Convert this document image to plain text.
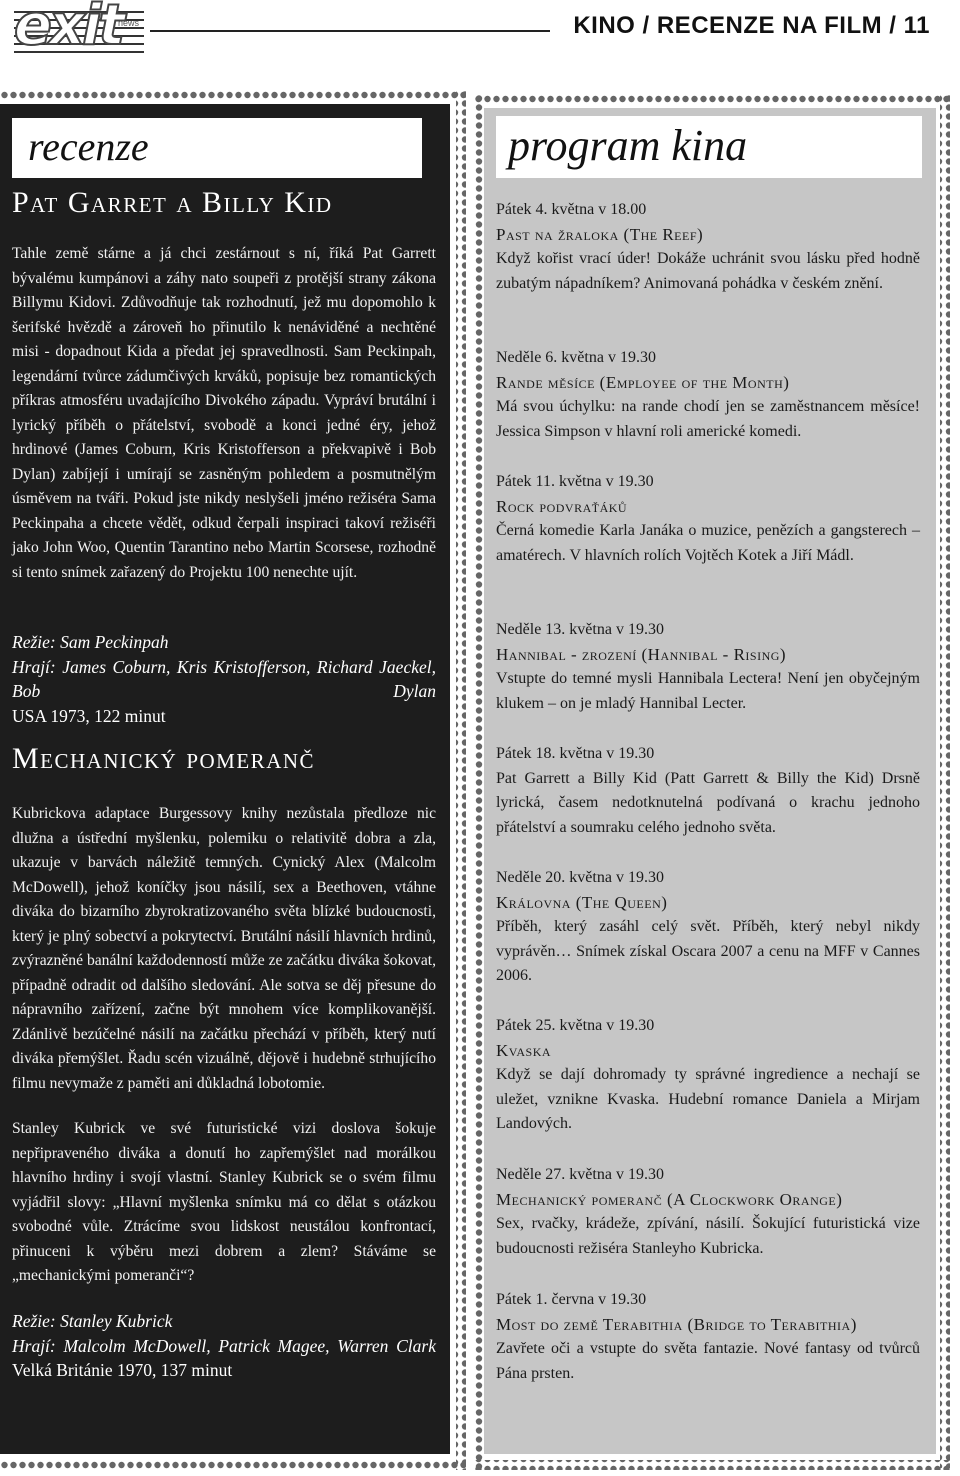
exit
news	KINO / RECENZE NA FILM / 11
recenze
Pat Garret a Billy Kid

Tahle země stárne a já chci zestárnout s ní, říká Pat Garrett bývalému kumpánovi a záhy nato soupeři z protější strany zákona Billymu Kidovi. Zdůvodňuje tak rozhodnutí, jež mu dopomohlo k šerifské hvězdě a zároveň ho přinutilo k nenáviděné a nechtěné misi - dopadnout Kida a předat jej spravedlnosti. Sam Peckinpah, legendární tvůrce zádumčivých krváků, popisuje bez romantických příkras atmosféru uvadajícího Divokého západu. Vypráví brutální i lyrický příběh o přátelství, svobodě a konci jedné éry, jehož hrdinové (James Coburn, Kris Kristofferson a překvapivě i Bob Dylan) zabíjejí i umírají se zasněným pohledem a posmutnělým úsměvem na tváři. Pokud jste nikdy neslyšeli jméno režiséra Sama Peckinpaha a chcete vědět, odkud čerpali inspiraci takoví režiséři jako John Woo, Quentin Tarantino nebo Martin Scorsese, rozhodně si tento snímek zařazený do Projektu 100 nenechte ujít.

Režie: Sam Peckinpah
Hrají: James Coburn, Kris Kristofferson, Richard Jaeckel, Bob Dylan
USA 1973, 122 minut
Mechanický pomeranč

Kubrickova adaptace Burgessovy knihy nezůstala předloze nic dlužna a ústřední myšlenku, polemiku o relativitě dobra a zla, ukazuje v barvách náležitě temných. Cynický Alex (Malcolm McDowell), jehož koníčky jsou násilí, sex a Beethoven, vtáhne diváka do bizarního zbyrokratizovaného světa blízké budoucnosti, který je plný sobectví a pokrytectví. Brutální násilí hlavních hrdinů, zvýrazněné banální každodenností může ze začátku diváka šokovat, případně odradit od dalšího sledování. Ale sotva se děj přesune do nápravního zařízení, začne být mnohem více komplikovanější. Zdánlivě bezúčelné násilí na začátku přechází v příběh, který nutí diváka přemýšlet. Řadu scén vizuálně, dějově i hudebně strhujícího filmu nevymaže z paměti ani důkladná lobotomie.

Stanley Kubrick ve své futuristické vizi doslova šokuje nepřipraveného diváka a donutí ho zapřemýšlet nad morálkou hlavního hrdiny i svojí vlastní. Stanley Kubrick se o svém filmu vyjádřil slovy: „Hlavní myšlenka snímku má co dělat s otázkou svobodné vůle. Ztrácíme svou lidskost neustálou konfrontací, přinuceni k výběru mezi dobrem a zlem? Stáváme se „mechanickými pomeranči“?

Režie: Stanley Kubrick
Hrají: Malcolm McDowell, Patrick Magee, Warren Clark
Velká Británie 1970, 137 minut
program kina
Pátek 4. května v 18.00
Past na žraloka (The Reef)
Když kořist vrací úder! Dokáže uchránit svou lásku před hodně zubatým nápadníkem? Animovaná pohádka v českém znění.
Neděle 6. května v 19.30
Rande měsíce (Employee of the Month)
Má svou úchylku: na rande chodí jen se zaměstnancem měsíce! Jessica Simpson v hlavní roli americké komedi.
Pátek 11. května v 19.30
Rock podvraťáků
Černá komedie Karla Janáka o muzice, penězích a gangsterech – amatérech. V hlavních rolích Vojtěch Kotek a Jiří Mádl.
Neděle 13. května v 19.30
Hannibal - zrození (Hannibal - Rising)
Vstupte do temné mysli Hannibala Lectera! Není jen obyčejným klukem – on je mladý Hannibal Lecter.
Pátek 18. května v 19.30
Pat Garrett a Billy Kid (Patt Garrett & Billy the Kid) Drsně lyrická, časem nedotknutelná podívaná o krachu jednoho přátelství a soumraku celého jednoho světa.
Neděle 20. května v 19.30
Královna (The Queen)
Příběh, který zasáhl celý svět. Příběh, který nebyl nikdy vyprávěn… Snímek získal Oscara 2007 a cenu na MFF v Cannes 2006.
Pátek 25. května v 19.30
Kvaska
Když se dají dohromady ty správné ingredience a nechají se uležet, vznikne Kvaska. Hudební romance Daniela a Mirjam Landových.
Neděle 27. května v 19.30
Mechanický pomeranč (A Clockwork Orange)
Sex, rvačky, krádeže, zpívání, násilí. Šokující futuristická vize budoucnosti režiséra Stanleyho Kubricka.
Pátek 1. června v 19.30
Most do země Terabithia (Bridge to Terabithia)
Zavřete oči a vstupte do světa fantazie. Nové fantasy od tvůrců Pána prsten.
